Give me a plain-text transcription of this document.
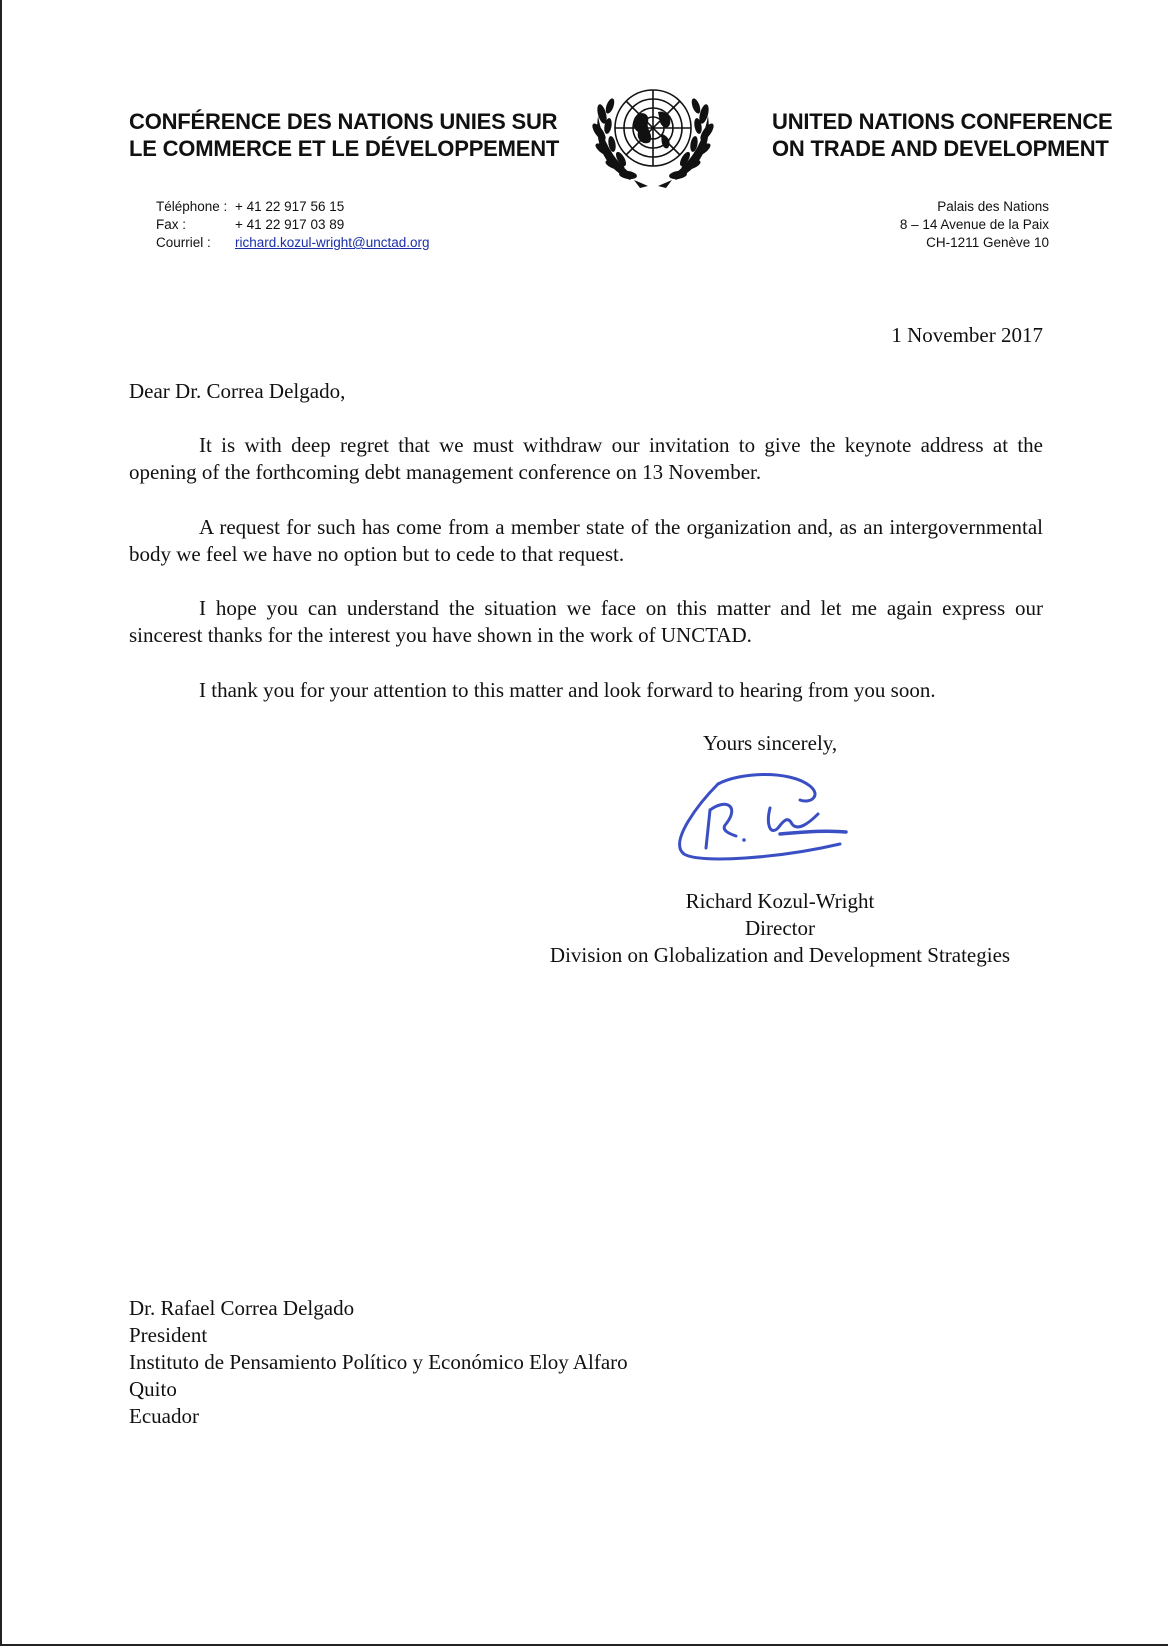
CONFÉRENCE DES NATIONS UNIES SUR
LE COMMERCE ET LE DÉVELOPPEMENT
UNITED NATIONS CONFERENCE
ON TRADE AND DEVELOPMENT
Téléphone : + 41 22 917 56 15
Fax :	+ 41 22 917 03 89
Courriel :	richard.kozul-wright@unctad.org
Palais des Nations
8 – 14 Avenue de la Paix
CH-1211 Genève 10
1 November 2017
Dear Dr. Correa Delgado,

It is with deep regret that we must withdraw our invitation to give the keynote address at the opening of the forthcoming debt management conference on 13 November.

A request for such has come from a member state of the organization and, as an intergovernmental body we feel we have no option but to cede to that request.

I hope you can understand the situation we face on this matter and let me again express our sincerest thanks for the interest you have shown in the work of UNCTAD.

I thank you for your attention to this matter and look forward to hearing from you soon.

Yours sincerely,
Richard Kozul-Wright
Director
Division on Globalization and Development Strategies
Dr. Rafael Correa Delgado
President
Instituto de Pensamiento Político y Económico Eloy Alfaro
Quito
Ecuador
